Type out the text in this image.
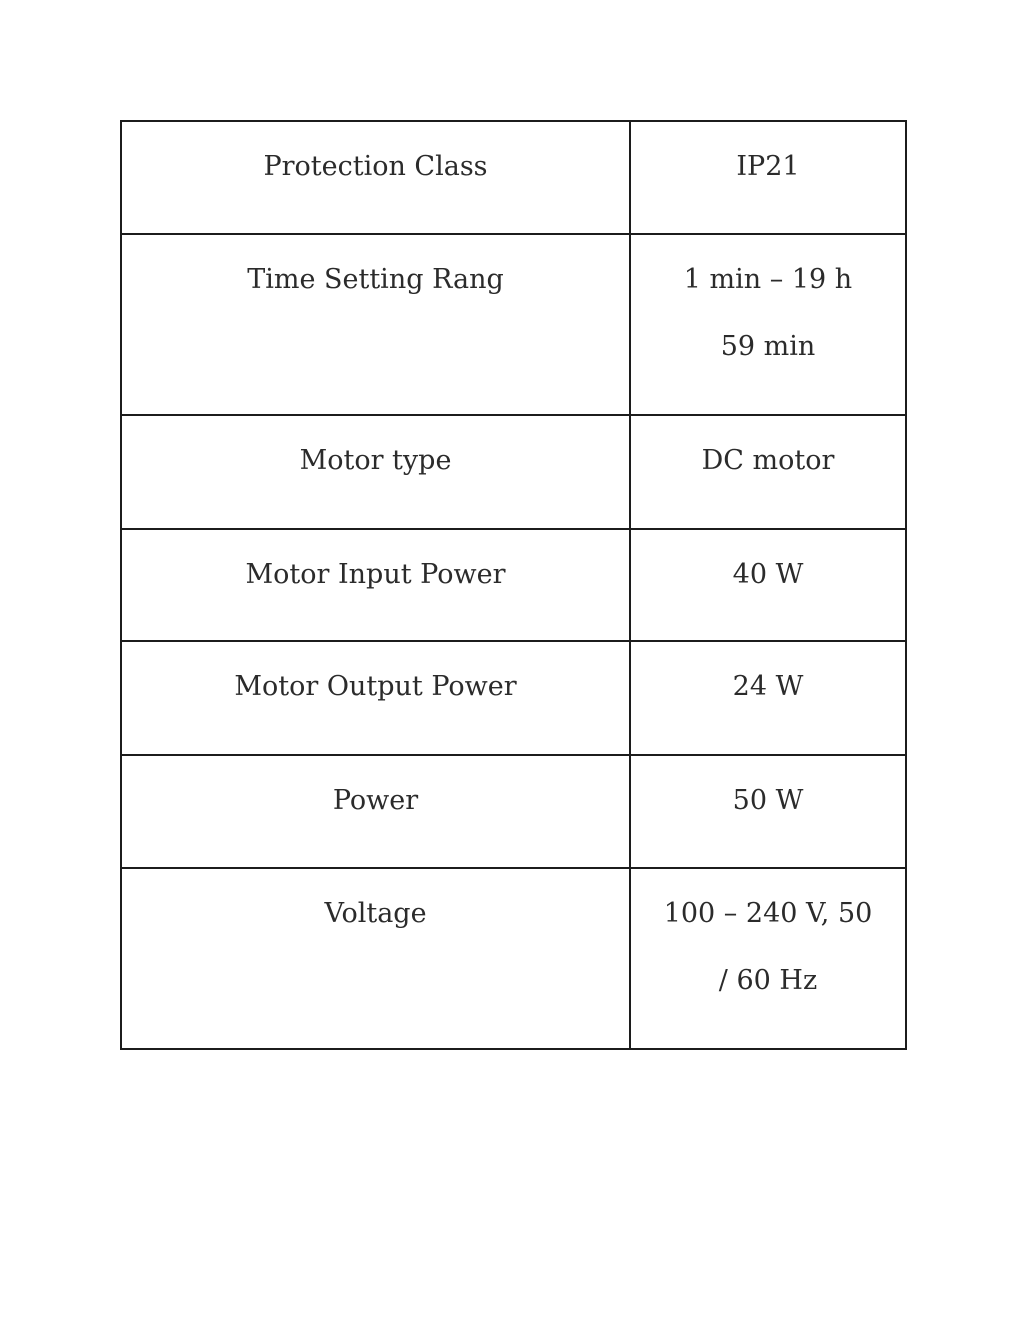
Protection Class	IP21

Time Setting Rang	1 min – 19 h
59 min

Motor type	DC motor

Motor Input Power	40 W

Motor Output Power	24 W

Power	50 W

Voltage	100 – 240 V, 50
/ 60 Hz
